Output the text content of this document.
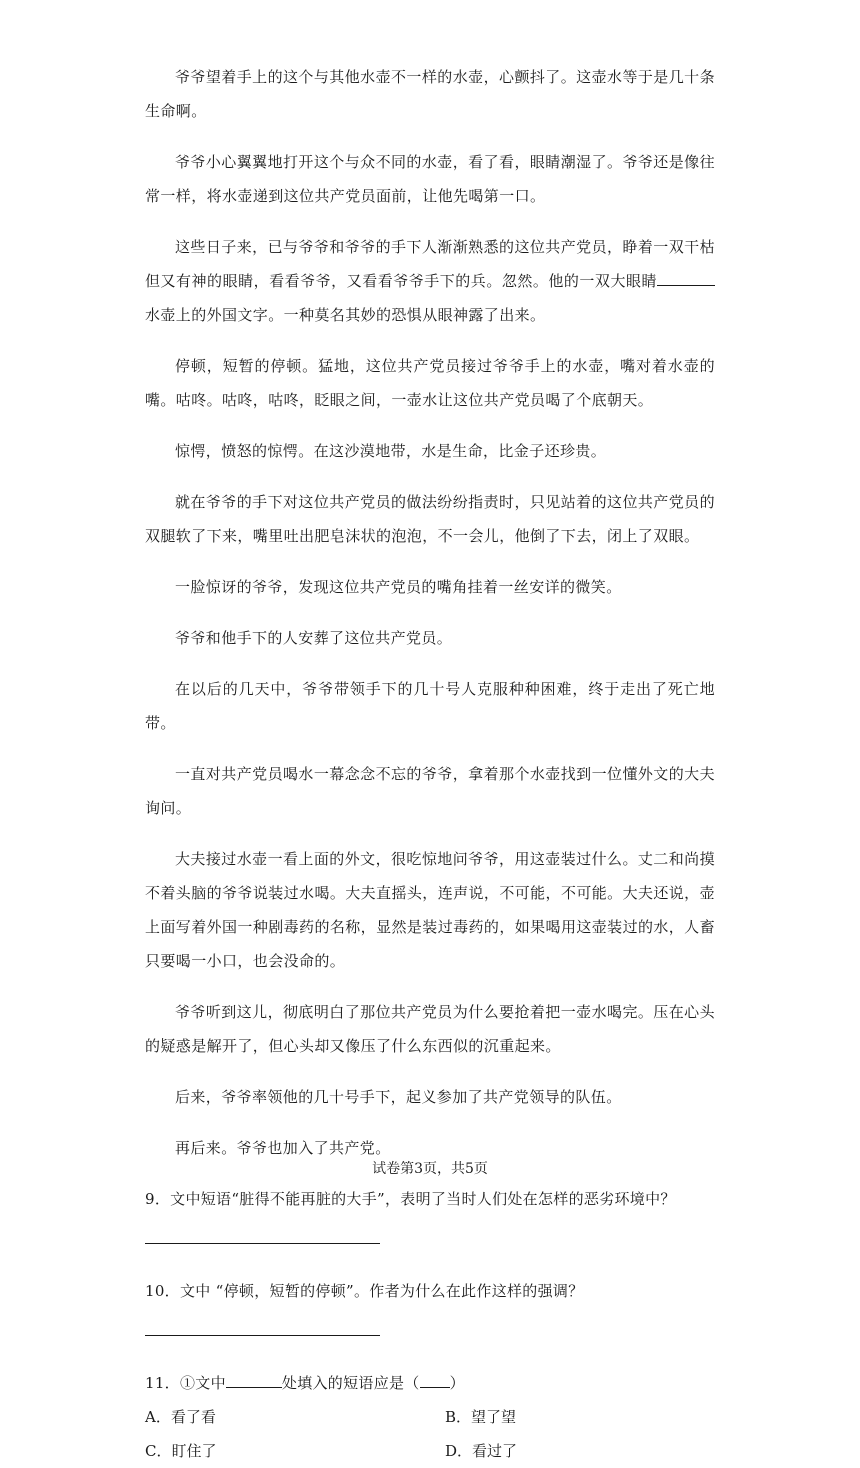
爷爷望着手上的这个与其他水壶不一样的水壶，心颤抖了。这壶水等于是几十条生命啊。

爷爷小心翼翼地打开这个与众不同的水壶，看了看，眼睛潮湿了。爷爷还是像往常一样，将水壶递到这位共产党员面前，让他先喝第一口。

这些日子来，已与爷爷和爷爷的手下人渐渐熟悉的这位共产党员，睁着一双干枯但又有神的眼睛，看看爷爷，又看看爷爷手下的兵。忽然。他的一双大眼睛水壶上的外国文字。一种莫名其妙的恐惧从眼神露了出来。

停顿，短暂的停顿。猛地，这位共产党员接过爷爷手上的水壶，嘴对着水壶的嘴。咕咚。咕咚，咕咚，眨眼之间，一壶水让这位共产党员喝了个底朝天。

惊愕，愤怒的惊愕。在这沙漠地带，水是生命，比金子还珍贵。

就在爷爷的手下对这位共产党员的做法纷纷指责时，只见站着的这位共产党员的双腿软了下来，嘴里吐出肥皂沫状的泡泡，不一会儿，他倒了下去，闭上了双眼。

一脸惊讶的爷爷，发现这位共产党员的嘴角挂着一丝安详的微笑。

爷爷和他手下的人安葬了这位共产党员。

在以后的几天中，爷爷带领手下的几十号人克服种种困难，终于走出了死亡地带。

一直对共产党员喝水一幕念念不忘的爷爷，拿着那个水壶找到一位懂外文的大夫询问。

大夫接过水壶一看上面的外文，很吃惊地问爷爷，用这壶装过什么。丈二和尚摸不着头脑的爷爷说装过水喝。大夫直摇头，连声说，不可能，不可能。大夫还说，壶上面写着外国一种剧毒药的名称，显然是装过毒药的，如果喝用这壶装过的水，人畜只要喝一小口，也会没命的。

爷爷听到这儿，彻底明白了那位共产党员为什么要抢着把一壶水喝完。压在心头的疑惑是解开了，但心头却又像压了什么东西似的沉重起来。

后来，爷爷率领他的几十号手下，起义参加了共产党领导的队伍。

再后来。爷爷也加入了共产党。

9．文中短语“脏得不能再脏的大手”，表明了当时人们处在怎样的恶劣环境中？

10．文中 “停顿，短暂的停顿”。作者为什么在此作这样的强调？

11．①文中	处填入的短语应是（ ）

A．看了看	B．望了望
C．盯住了	D．看过了
试卷第3页，共5页
